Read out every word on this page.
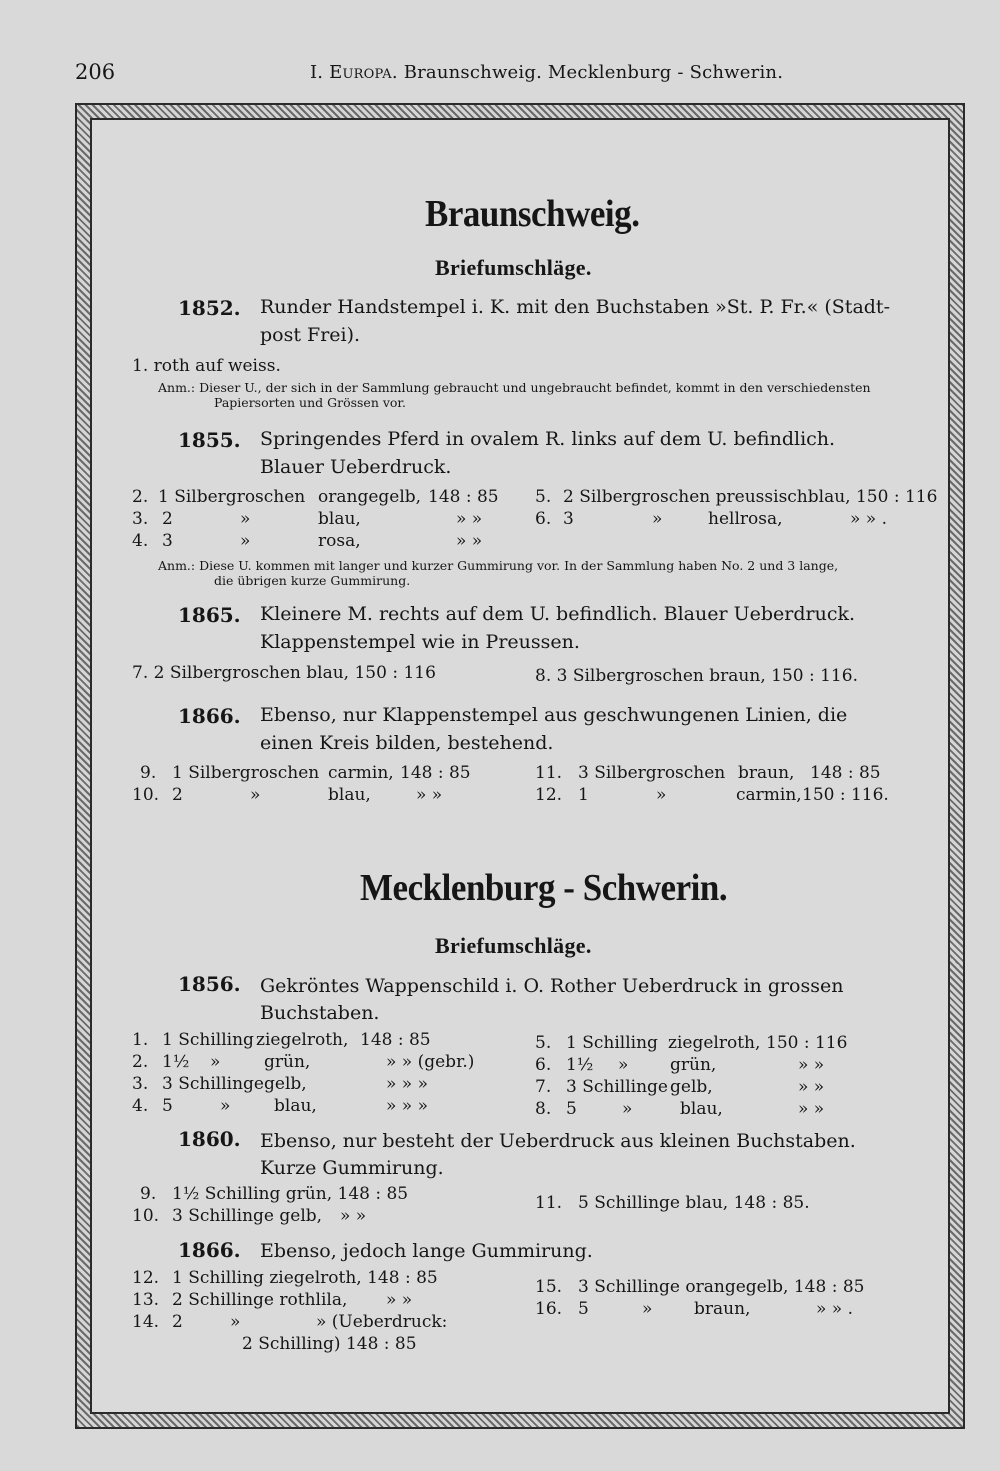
206	I. Europa. Braunschweig. Mecklenburg - Schwerin.
Braunschweig.
Briefumschläge.
1852. Runder Handstempel i. K. mit den Buchstaben »St. P. Fr.« (Stadt-
post Frei).
1. roth auf weiss.
Anm.: Dieser U., der sich in der Sammlung gebraucht und ungebraucht befindet, kommt in den verschiedensten
Papiersorten und Grössen vor.
1855. Springendes Pferd in ovalem R. links auf dem U. befindlich.
Blauer Ueberdruck.
2. 1 Silbergroschen orangegelb, 148 : 85
3. 2	»	blau,	» »
4. 3	»	rosa,	» »
5. 2 Silbergroschen preussischblau, 150 : 116
6. 3	»	hellrosa,	» » .
Anm.: Diese U. kommen mit langer und kurzer Gummirung vor. In der Sammlung haben No. 2 und 3 lange,
die übrigen kurze Gummirung.
1865. Kleinere M. rechts auf dem U. befindlich. Blauer Ueberdruck.
Klappenstempel wie in Preussen.
7. 2 Silbergroschen blau, 150 : 116	8. 3 Silbergroschen braun, 150 : 116.
1866. Ebenso, nur Klappenstempel aus geschwungenen Linien, die
einen Kreis bilden, bestehend.
9. 1 Silbergroschen carmin, 148 : 85
10. 2	»	blau,	» »
11. 3 Silbergroschen braun, 148 : 85
12. 1	»	carmin, 150 : 116.
Mecklenburg - Schwerin.
Briefumschläge.
1856. Gekröntes Wappenschild i. O. Rother Ueberdruck in grossen
Buchstaben.
1. 1 Schilling ziegelroth, 148 : 85
2. 1½ »	grün,	» » (gebr.)
3. 3 Schillinge gelb,	» » »
4. 5	»	blau,	» » »
5. 1 Schilling ziegelroth, 150 : 116
6. 1½ » grün,	» »
7. 3 Schillinge gelb,	» »
8. 5	»	blau,	» »
1860. Ebenso, nur besteht der Ueberdruck aus kleinen Buchstaben.
Kurze Gummirung.
9. 1½ Schilling grün, 148 : 85
10. 3 Schillinge gelb, » »
11. 5 Schillinge blau, 148 : 85.
1866. Ebenso, jedoch lange Gummirung.
12. 1 Schilling ziegelroth, 148 : 85
13. 2 Schillinge rothlila, » »
14. 2	»	» (Ueberdruck:
2 Schilling) 148 : 85
15. 3 Schillinge orangegelb, 148 : 85
16. 5	» braun,	» » .
